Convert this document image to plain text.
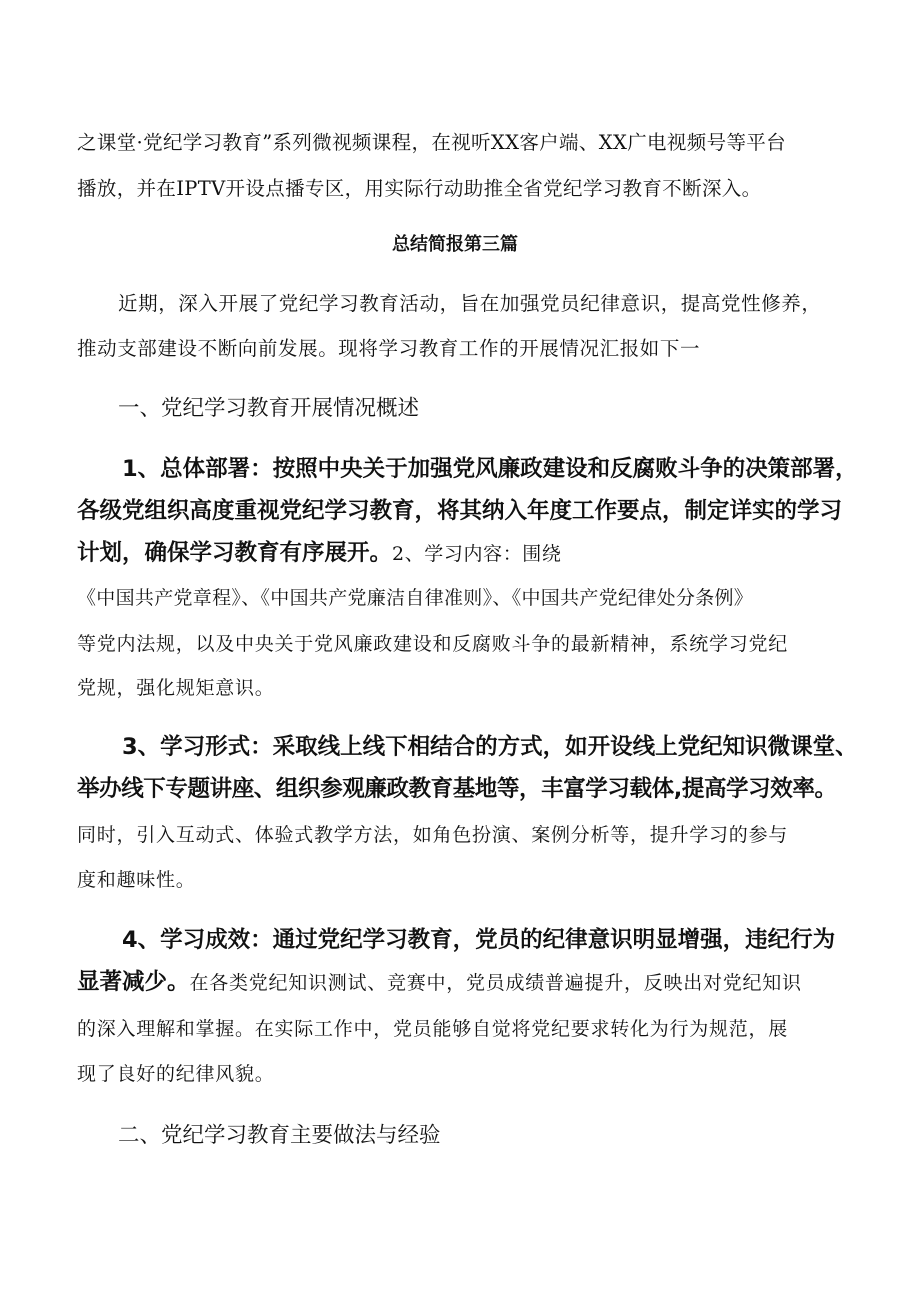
之课堂·党纪学习教育”系列微视频课程，在视听XX客户端、XX广电视频号等平台
播放，并在IPTV开设点播专区，用实际行动助推全省党纪学习教育不断深入。
总结简报第三篇
近期，深入开展了党纪学习教育活动，旨在加强党员纪律意识，提高党性修养，
推动支部建设不断向前发展。现将学习教育工作的开展情况汇报如下一
一、党纪学习教育开展情况概述
1、总体部署：按照中央关于加强党风廉政建设和反腐败斗争的决策部署，
各级党组织高度重视党纪学习教育，将其纳入年度工作要点，制定详实的学习
计划，确保学习教育有序展开。2、学习内容：围绕
《中国共产党章程》、《中国共产党廉洁自律准则》、《中国共产党纪律处分条例》
等党内法规，以及中央关于党风廉政建设和反腐败斗争的最新精神，系统学习党纪
党规，强化规矩意识。
3、学习形式：采取线上线下相结合的方式，如开设线上党纪知识微课堂、
举办线下专题讲座、组织参观廉政教育基地等，丰富学习载体,提高学习效率。
同时，引入互动式、体验式教学方法，如角色扮演、案例分析等，提升学习的参与
度和趣味性。
4、学习成效：通过党纪学习教育，党员的纪律意识明显增强，违纪行为
显著减少。在各类党纪知识测试、竞赛中，党员成绩普遍提升，反映出对党纪知识
的深入理解和掌握。在实际工作中，党员能够自觉将党纪要求转化为行为规范，展
现了良好的纪律风貌。
二、党纪学习教育主要做法与经验
